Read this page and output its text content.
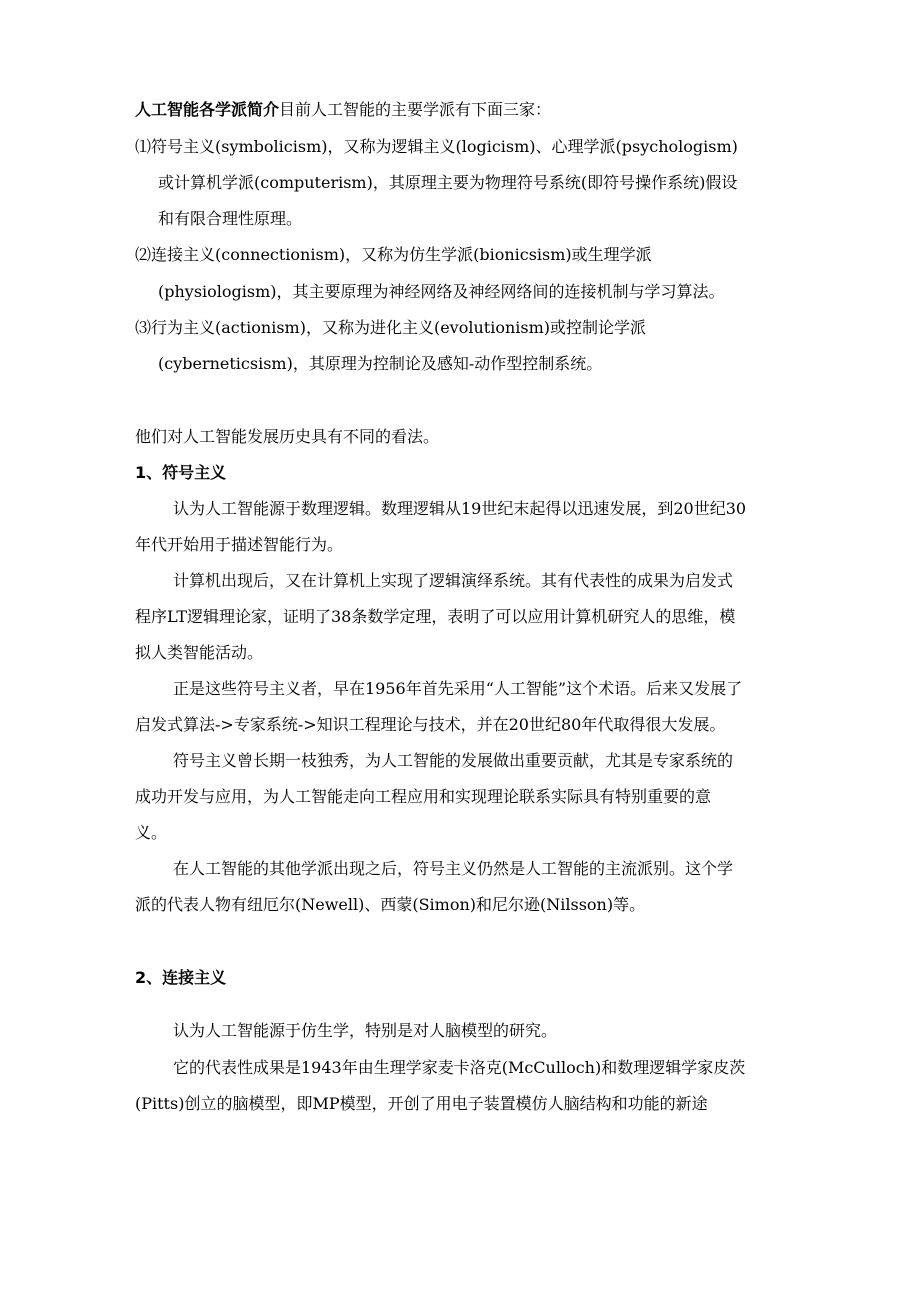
人工智能各学派简介目前人工智能的主要学派有下面三家：
⑴符号主义(symbolicism)，又称为逻辑主义(logicism)、心理学派(psychologism)
或计算机学派(computerism)，其原理主要为物理符号系统(即符号操作系统)假设
和有限合理性原理。
⑵连接主义(connectionism)，又称为仿生学派(bionicsism)或生理学派
(physiologism)，其主要原理为神经网络及神经网络间的连接机制与学习算法。
⑶行为主义(actionism)，又称为进化主义(evolutionism)或控制论学派
(cyberneticsism)，其原理为控制论及感知-动作型控制系统。
他们对人工智能发展历史具有不同的看法。
1、符号主义
认为人工智能源于数理逻辑。数理逻辑从19世纪末起得以迅速发展，到20世纪30
年代开始用于描述智能行为。
计算机出现后，又在计算机上实现了逻辑演绎系统。其有代表性的成果为启发式
程序LT逻辑理论家，证明了38条数学定理，表明了可以应用计算机研究人的思维，模
拟人类智能活动。
正是这些符号主义者，早在1956年首先采用“人工智能”这个术语。后来又发展了
启发式算法->专家系统->知识工程理论与技术，并在20世纪80年代取得很大发展。
符号主义曾长期一枝独秀，为人工智能的发展做出重要贡献，尤其是专家系统的
成功开发与应用，为人工智能走向工程应用和实现理论联系实际具有特别重要的意
义。
在人工智能的其他学派出现之后，符号主义仍然是人工智能的主流派别。这个学
派的代表人物有纽厄尔(Newell)、西蒙(Simon)和尼尔逊(Nilsson)等。
2、连接主义
认为人工智能源于仿生学，特别是对人脑模型的研究。
它的代表性成果是1943年由生理学家麦卡洛克(McCulloch)和数理逻辑学家皮茨
(Pitts)创立的脑模型，即MP模型，开创了用电子装置模仿人脑结构和功能的新途
